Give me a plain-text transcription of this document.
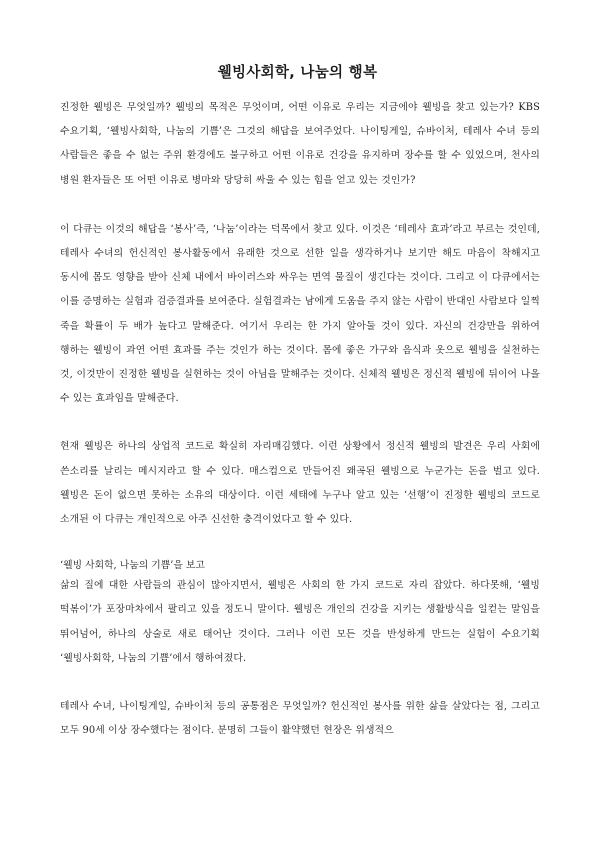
웰빙사회학, 나눔의 행복

진정한 웰빙은 무엇일까? 웰빙의 목적은 무엇이며, 어떤 이유로 우리는 지금에야 웰빙을 찾고 있는가? KBS 수요기획, ‘웰빙사회학, 나눔의 기쁨’은 그것의 해답을 보여주었다. 나이팅게일, 슈바이처, 테레사 수녀 등의 사람들은 좋을 수 없는 주위 환경에도 불구하고 어떤 이유로 건강을 유지하며 장수를 할 수 있었으며, 천사의 병원 환자들은 또 어떤 이유로 병마와 당당히 싸울 수 있는 힘을 얻고 있는 것인가?

이 다큐는 이것의 해답을 ‘봉사’즉, ‘나눔’이라는 덕목에서 찾고 있다. 이것은 ‘테레사 효과’라고 부르는 것인데, 테레사 수녀의 헌신적인 봉사활동에서 유래한 것으로 선한 일을 생각하거나 보기만 해도 마음이 착해지고 동시에 몸도 영향을 받아 신체 내에서 바이러스와 싸우는 면역 물질이 생긴다는 것이다. 그리고 이 다큐에서는 이를 증명하는 실험과 검증결과를 보여준다. 실험결과는 남에게 도움을 주지 않는 사람이 반대인 사람보다 일찍 죽을 확률이 두 배가 높다고 말해준다. 여기서 우리는 한 가지 알아둘 것이 있다. 자신의 건강만을 위하여 행하는 웰빙이 과연 어떤 효과를 주는 것인가 하는 것이다. 몸에 좋은 가구와 음식과 옷으로 웰빙을 실천하는 것, 이것만이 진정한 웰빙을 실현하는 것이 아님을 말해주는 것이다. 신체적 웰빙은 정신적 웰빙에 뒤이어 나올 수 있는 효과임을 말해준다.

현재 웰빙은 하나의 상업적 코드로 확실히 자리매김했다. 이런 상황에서 정신적 웰빙의 발견은 우리 사회에 쓴소리를 날리는 메시지라고 할 수 있다. 매스컴으로 만들어진 왜곡된 웰빙으로 누군가는 돈을 벌고 있다. 웰빙은 돈이 없으면 못하는 소유의 대상이다. 이런 세태에 누구나 알고 있는 ‘선행’이 진정한 웰빙의 코드로 소개된 이 다큐는 개인적으로 아주 신선한 충격이었다고 할 수 있다.

‘웰빙 사회학, 나눔의 기쁨’을 보고

삶의 질에 대한 사람들의 관심이 많아지면서, 웰빙은 사회의 한 가지 코드로 자리 잡았다. 하다못해, ‘웰빙 떡볶이’가 포장마차에서 팔리고 있을 정도니 말이다. 웰빙은 개인의 건강을 지키는 생활방식을 일컫는 말임을 뛰어넘어, 하나의 상술로 새로 태어난 것이다. 그러나 이런 모든 것을 반성하게 만드는 실험이 수요기획 ‘웰빙사회학, 나눔의 기쁨’에서 행하여졌다.

테레사 수녀, 나이팅게일, 슈바이처 등의 공통점은 무엇일까? 헌신적인 봉사를 위한 삶을 살았다는 점, 그리고 모두 90세 이상 장수했다는 점이다. 분명히 그들이 활약했던 현장은 위생적으
